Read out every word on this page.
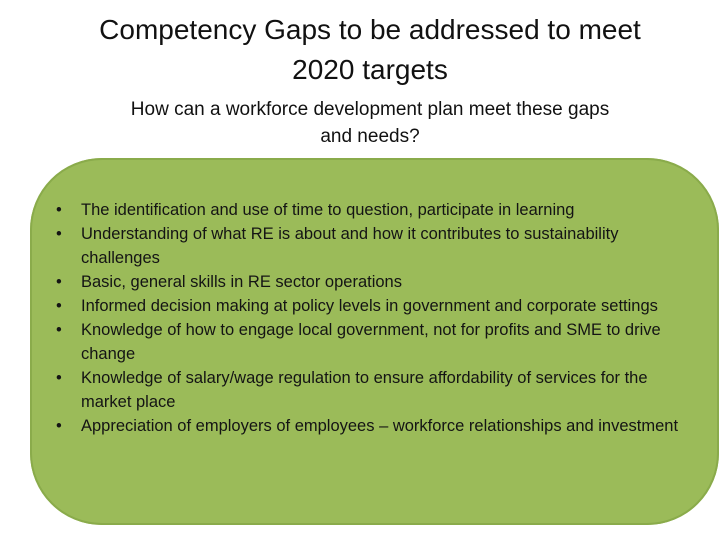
Competency Gaps to be addressed to meet
2020 targets
How can a workforce development plan meet these gaps
and needs?
• The identification and use of time to question, participate in learning
• Understanding of what RE is about and how it contributes to sustainability challenges
• Basic, general skills in RE sector operations
• Informed decision making at policy levels in government and corporate settings
• Knowledge of how to engage local government, not for profits and SME to drive change
• Knowledge of salary/wage regulation to ensure affordability of services for the market place
• Appreciation of employers of employees – workforce relationships and investment
